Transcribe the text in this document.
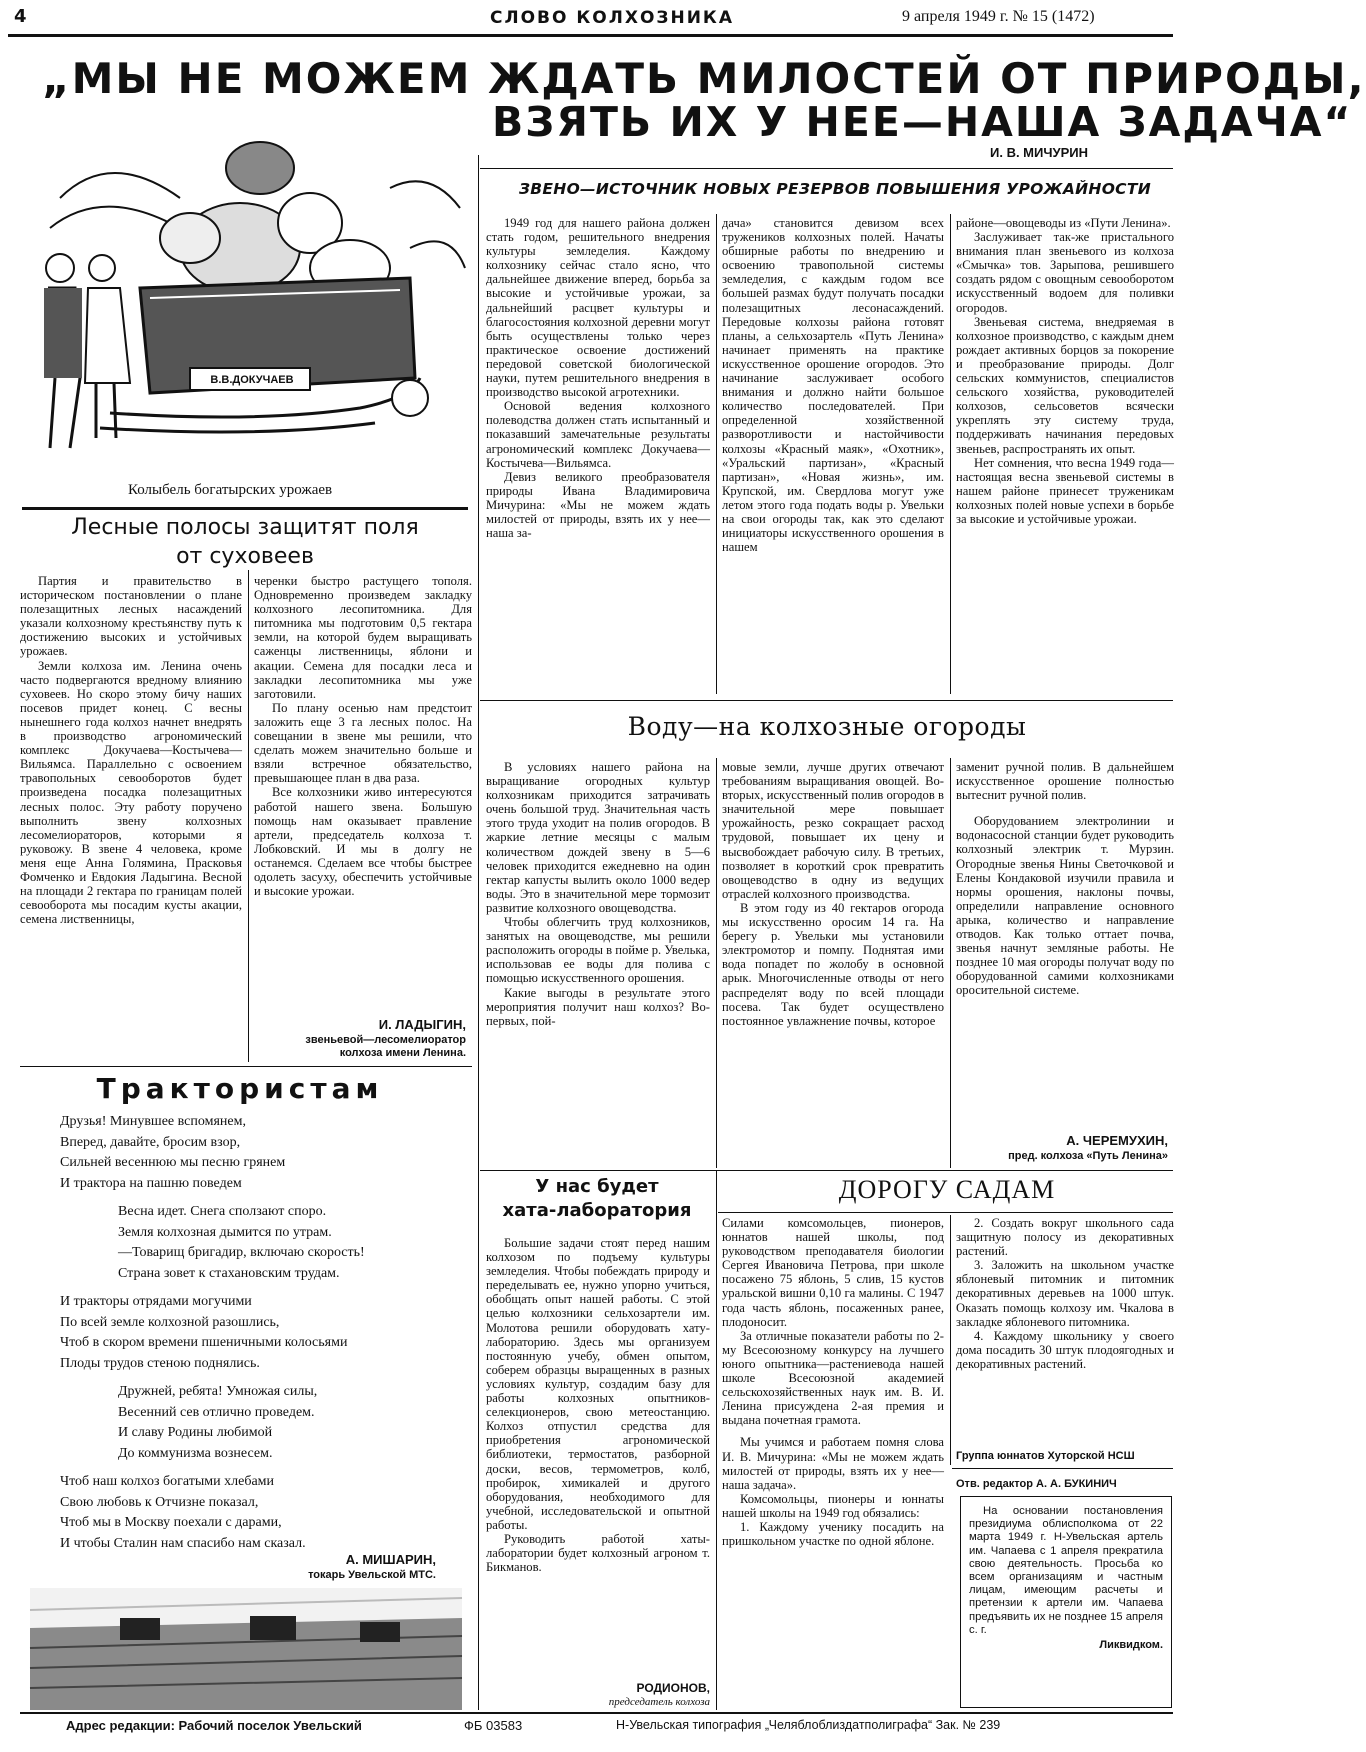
4	СЛОВО КОЛХОЗНИКА	9 апреля 1949 г. № 15 (1472)
„МЫ НЕ МОЖЕМ ЖДАТЬ МИЛОСТЕЙ ОТ ПРИРОДЫ,
ВЗЯТЬ ИХ У НЕЕ—НАША ЗАДАЧА“
И. В. МИЧУРИН
В.В.ДОКУЧАЕВ
Колыбель богатырских урожаев
ЗВЕНО—ИСТОЧНИК НОВЫХ РЕЗЕРВОВ ПОВЫШЕНИЯ УРОЖАЙНОСТИ

1949 год для нашего района должен стать годом, решительного внедрения культуры земледелия. Каждому колхознику сейчас стало ясно, что дальнейшее движение вперед, борьба за высокие и устойчивые урожаи, за дальнейший расцвет культуры и благосостояния колхозной деревни могут быть осуществлены только через практическое освоение достижений передовой советской биологической науки, путем решительного внедрения в производство высокой агротехники.

Основой ведения колхозного полеводства должен стать испытанный и показавший замечательные результаты агрономический комплекс Докучаева—Костычева—Вильямса.

Девиз великого преобразователя природы Ивана Владимировича Мичурина: «Мы не можем ждать милостей от природы, взять их у нее—наша за-

дача» становится девизом всех тружеников колхозных полей. Начаты обширные работы по внедрению и освоению травопольной системы земледелия, с каждым годом все большей размах будут получать посадки полезащитных лесонасаждений. Передовые колхозы района готовят планы, а сельхозартель «Путь Ленина» начинает применять на практике искусственное орошение огородов. Это начинание заслуживает особого внимания и должно найти большое количество последователей. При определенной хозяйственной разворотливости и настойчивости колхозы «Красный маяк», «Охотник», «Уральский партизан», «Красный партизан», «Новая жизнь», им. Крупской, им. Свердлова могут уже летом этого года подать воды р. Увельки на свои огороды так, как это сделают инициаторы искусственного орошения в нашем

районе—овощеводы из «Пути Ленина».

Заслуживает так-же пристального внимания план звеньевого из колхоза «Смычка» тов. Зарыпова, решившего создать рядом с овощным севооборотом искусственный водоем для поливки огородов.

Звеньевая система, внедряемая в колхозное производство, с каждым днем рождает активных борцов за покорение и преобразование природы. Долг сельских коммунистов, специалистов сельского хозяйства, руководителей колхозов, сельсоветов всячески укреплять эту систему труда, поддерживать начинания передовых звеньев, распространять их опыт.

Нет сомнения, что весна 1949 года—настоящая весна звеньевой системы в нашем районе принесет труженикам колхозных полей новые успехи в борьбе за высокие и устойчивые урожаи.

Лесные полосы защитят поля
от суховеев

Партия и правительство в историческом постановлении о плане полезащитных лесных насаждений указали колхозному крестьянству путь к достижению высоких и устойчивых урожаев.

Земли колхоза им. Ленина очень часто подвергаются вредному влиянию суховеев. Но скоро этому бичу наших посевов придет конец. С весны нынешнего года колхоз начнет внедрять в производство агрономический комплекс Докучаева—Костычева—Вильямса. Параллельно с освоением травопольных севооборотов будет произведена посадка полезащитных лесных полос. Эту работу поручено выполнить звену колхозных лесомелиораторов, которыми я руковожу. В звене 4 человека, кроме меня еще Анна Голямина, Прасковья Фомченко и Евдокия Ладыгина. Весной на площади 2 гектара по границам полей севооборота мы посадим кусты акации, семена лиственницы,

черенки быстро растущего тополя. Одновременно произведем закладку колхозного лесопитомника. Для питомника мы подготовим 0,5 гектара земли, на которой будем выращивать саженцы лиственницы, яблони и акации. Семена для посадки леса и закладки лесопитомника мы уже заготовили.

По плану осенью нам предстоит заложить еще 3 га лесных полос. На совещании в звене мы решили, что сделать можем значительно больше и взяли встречное обязательство, превышающее план в два раза.

Все колхозники живо интересуются работой нашего звена. Большую помощь нам оказывает правление артели, председатель колхоза т. Лобковский. И мы в долгу не останемся. Сделаем все чтобы быстрее одолеть засуху, обеспечить устойчивые и высокие урожаи.

И. ЛАДЫГИН,
звеньевой—лесомелиоратор
колхоза имени Ленина.
Воду—на колхозные огороды

В условиях нашего района на выращивание огородных культур колхозникам приходится затрачивать очень большой труд. Значительная часть этого труда уходит на полив огородов. В жаркие летние месяцы с малым количеством дождей звену в 5—6 человек приходится ежедневно на один гектар капусты вылить около 1000 ведер воды. Это в значительной мере тормозит развитие колхозного овощеводства.

Чтобы облегчить труд колхозников, занятых на овощеводстве, мы решили расположить огороды в пойме р. Увелька, использовав ее воды для полива с помощью искусственного орошения.

Какие выгоды в результате этого мероприятия получит наш колхоз? Во-первых, пой-

мовые земли, лучше других отвечают требованиям выращивания овощей. Во-вторых, искусственный полив огородов в значительной мере повышает урожайность, резко сокращает расход трудовой, повышает их цену и высвобождает рабочую силу. В третьих, позволяет в короткий срок превратить овощеводство в одну из ведущих отраслей колхозного производства.

В этом году из 40 гектаров огорода мы искусственно оросим 14 га. На берегу р. Увельки мы установили электромотор и помпу. Поднятая ими вода попадет по жолобу в основной арык. Многочисленные отводы от него распределят воду по всей площади посева. Так будет осуществлено постоянное увлажнение почвы, которое

заменит ручной полив. В дальнейшем искусственное орошение полностью вытеснит ручной полив.

Оборудованием электролинии и водонасосной станции будет руководить колхозный электрик т. Мурзин. Огородные звенья Нины Светочковой и Елены Кондаковой изучили правила и нормы орошения, наклоны почвы, определили направление основного арыка, количество и направление отводов. Как только оттает почва, звенья начнут земляные работы. Не позднее 10 мая огороды получат воду по оборудованной самими колхозниками оросительной системе.

А. ЧЕРЕМУХИН,
пред. колхоза «Путь Ленина»
Трактористам

Друзья! Минувшее вспомянем,

Вперед, давайте, бросим взор,

Сильней весеннюю мы песню грянем

И трактора на пашню поведем

Весна идет. Снега сползают споро.

Земля колхозная дымится по утрам.

—Товарищ бригадир, включаю скорость!

Страна зовет к стахановским трудам.

И тракторы отрядами могучими

По всей земле колхозной разошлись,

Чтоб в скором времени пшеничными колосьями

Плоды трудов стеною поднялись.

Дружней, ребята! Умножая силы,

Весенний сев отлично проведем.

И славу Родины любимой

До коммунизма вознесем.

Чтоб наш колхоз богатыми хлебами

Свою любовь к Отчизне показал,

Чтоб мы в Москву поехали с дарами,

И чтобы Сталин нам спасибо нам сказал.

А. МИШАРИН,
токарь Увельской МТС.
У нас будет
хата-лаборатория

Большие задачи стоят перед нашим колхозом по подъему культуры земледелия. Чтобы побеждать природу и переделывать ее, нужно упорно учиться, обобщать опыт нашей работы. С этой целью колхозники сельхозартели им. Молотова решили оборудовать хату-лабораторию. Здесь мы организуем постоянную учебу, обмен опытом, соберем образцы выращенных в разных условиях культур, создадим базу для работы колхозных опытников-селекционеров, свою метеостанцию. Колхоз отпустил средства для приобретения агрономической библиотеки, термостатов, разборной доски, весов, термометров, колб, пробирок, химикалей и другого оборудования, необходимого для учебной, исследовательской и опытной работы.

Руководить работой хаты-лаборатории будет колхозный агроном т. Бикманов.

РОДИОНОВ,
председатель колхоза
ДОРОГУ САДАМ

Силами комсомольцев, пионеров, юннатов нашей школы, под руководством преподавателя биологии Сергея Ивановича Петрова, при школе посажено 75 яблонь, 5 слив, 15 кустов уральской вишни 0,10 га малины. С 1947 года часть яблонь, посаженных ранее, плодоносит.

За отличные показатели работы по 2-му Всесоюзному конкурсу на лучшего юного опытника—растениевода нашей школе Всесоюзной академией сельскохозяйственных наук им. В. И. Ленина присуждена 2-ая премия и выдана почетная грамота.

Мы учимся и работаем помня слова И. В. Мичурина: «Мы не можем ждать милостей от природы, взять их у нее—наша задача».

Комсомольцы, пионеры и юннаты нашей школы на 1949 год обязались:

1. Каждому ученику посадить на пришкольном участке по одной яблоне.

2. Создать вокруг школьного сада защитную полосу из декоративных растений.

3. Заложить на школьном участке яблоневый питомник и питомник декоративных деревьев на 1000 штук. Оказать помощь колхозу им. Чкалова в закладке яблоневого питомника.

4. Каждому школьнику у своего дома посадить 30 штук плодоягодных и декоративных растений.

Группа юннатов Хуторской НСШ
Отв. редактор А. А. БУКИНИЧ
На основании постановления президиума облисполкома от 22 марта 1949 г. Н-Увельская артель им. Чапаева с 1 апреля прекратила свою деятельность. Просьба ко всем организациям и частным лицам, имеющим расчеты и претензии к артели им. Чапаева предъявить их не позднее 15 апреля с. г.
Ликвидком.
Адрес редакции: Рабочий поселок Увельский	ФБ 03583	Н-Увельская типография „Челяблоблиздатполиграфа“ Зак. № 239
